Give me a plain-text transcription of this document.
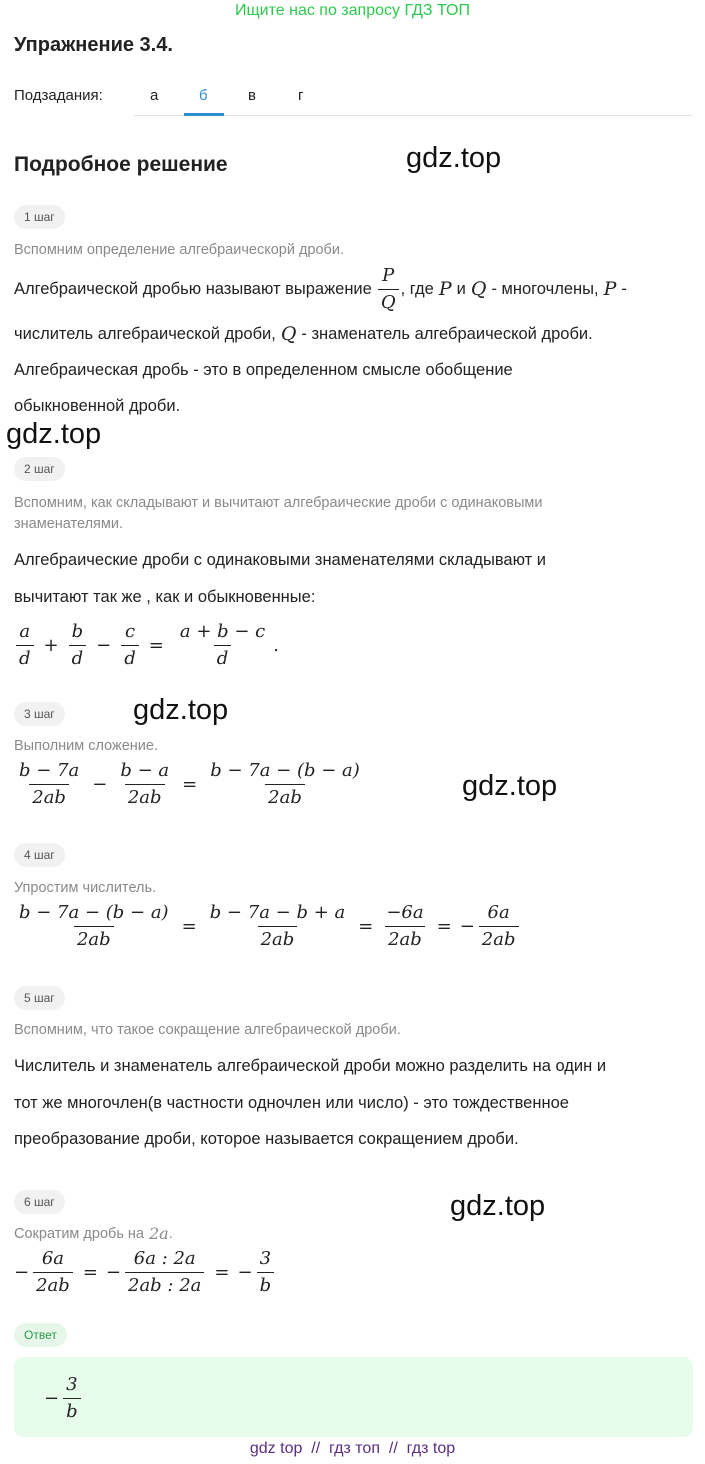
Ищите нас по запросу ГДЗ ТОП
Упражнение 3.4.
Подзадания:	а	б	в	г
Подробное решение	gdz.top
gdz.top
gdz.top
gdz.top
gdz.top
1 шаг
Вспомним определение алгебраическорй дроби.
Алгебраической дробью называют выражение $\frac{P}{Q}$ , где P и Q - многочлены, P -
числитель алгебраической дроби, Q - знаменатель алгебраической дроби.
Алгебраическая дробь - это в определенном смысле обобщение
обыкновенной дроби.
2 шаг
Вспомним, как складывают и вычитают алгебраические дроби с одинаковыми
знаменателями.
Алгебраические дроби с одинаковыми знаменателями складывают и
вычитают так же , как и обыкновенные:
$\frac{a}{d} + \frac{b}{d} - \frac{c}{d} = \frac{a + b - c}{d}$ .
3 шаг
Выполним сложение.
$\frac{b - 7a}{2ab} - \frac{b - a}{2ab} = \frac{b - 7a - (b - a)}{2ab}$
4 шаг
Упростим числитель.
$\frac{b - 7a - (b - a)}{2ab} = \frac{b - 7a - b + a}{2ab} = \frac{-6a}{2ab}$ = − $\frac{6a}{2ab}$
5 шаг
Вспомним, что такое сокращение алгебраической дроби.
Числитель и знаменатель алгебраической дроби можно разделить на один и
тот же многочлен(в частности одночлен или число) - это тождественное
преобразование дроби, которое называется сокращением дроби.
6 шаг
Сократим дробь на 2a .
− $\frac{6a}{2ab}$ = − $\frac{6a : 2a}{2ab : 2a}$ = − $\frac{3}{b}$
Ответ
− $\frac{3}{b}$
gdz top  //  гдз топ  //  гдз top
